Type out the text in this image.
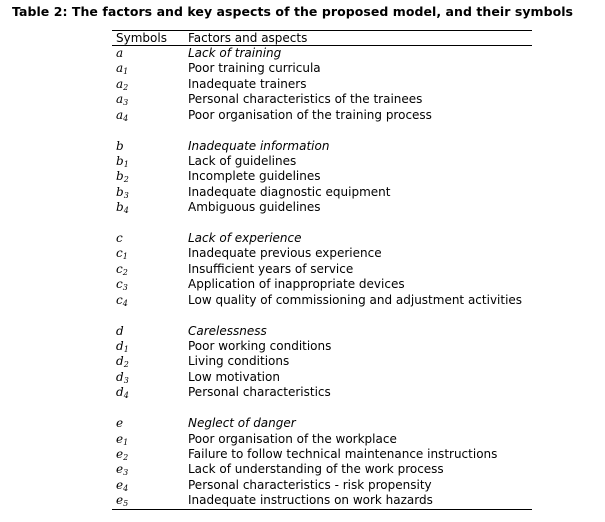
Table 2: The factors and key aspects of the proposed model, and their symbols
Symbols Factors and aspects
a	Lack of training
$a_1$	Poor training curricula
$a_2$	Inadequate trainers
$a_3$	Personal characteristics of the trainees
$a_4$	Poor organisation of the training process
b	Inadequate information
$b_1$	Lack of guidelines
$b_2$	Incomplete guidelines
$b_3$	Inadequate diagnostic equipment
$b_4$	Ambiguous guidelines
c	Lack of experience
$c_1$	Inadequate previous experience
$c_2$	Insufficient years of service
$c_3$	Application of inappropriate devices
$c_4$	Low quality of commissioning and adjustment activities
d	Carelessness
$d_1$	Poor working conditions
$d_2$	Living conditions
$d_3$	Low motivation
$d_4$	Personal characteristics
e	Neglect of danger
$e_1$	Poor organisation of the workplace
$e_2$	Failure to follow technical maintenance instructions
$e_3$	Lack of understanding of the work process
$e_4$	Personal characteristics - risk propensity
$e_5$	Inadequate instructions on work hazards
